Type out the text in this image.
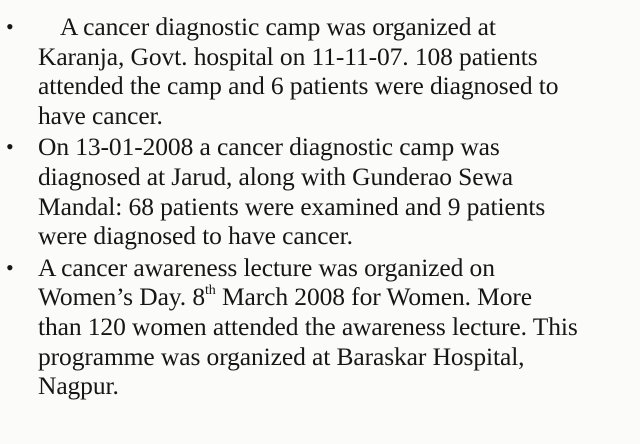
•	A cancer diagnostic camp was organized at
Karanja, Govt. hospital on 11-11-07. 108 patients
attended the camp and 6 patients were diagnosed to
have cancer.
• On 13-01-2008 a cancer diagnostic camp was
diagnosed at Jarud, along with Gunderao Sewa
Mandal: 68 patients were examined and 9 patients
were diagnosed to have cancer.
• A cancer awareness lecture was organized on
Women’s Day. 8th March 2008 for Women. More
than 120 women attended the awareness lecture. This
programme was organized at Baraskar Hospital,
Nagpur.
